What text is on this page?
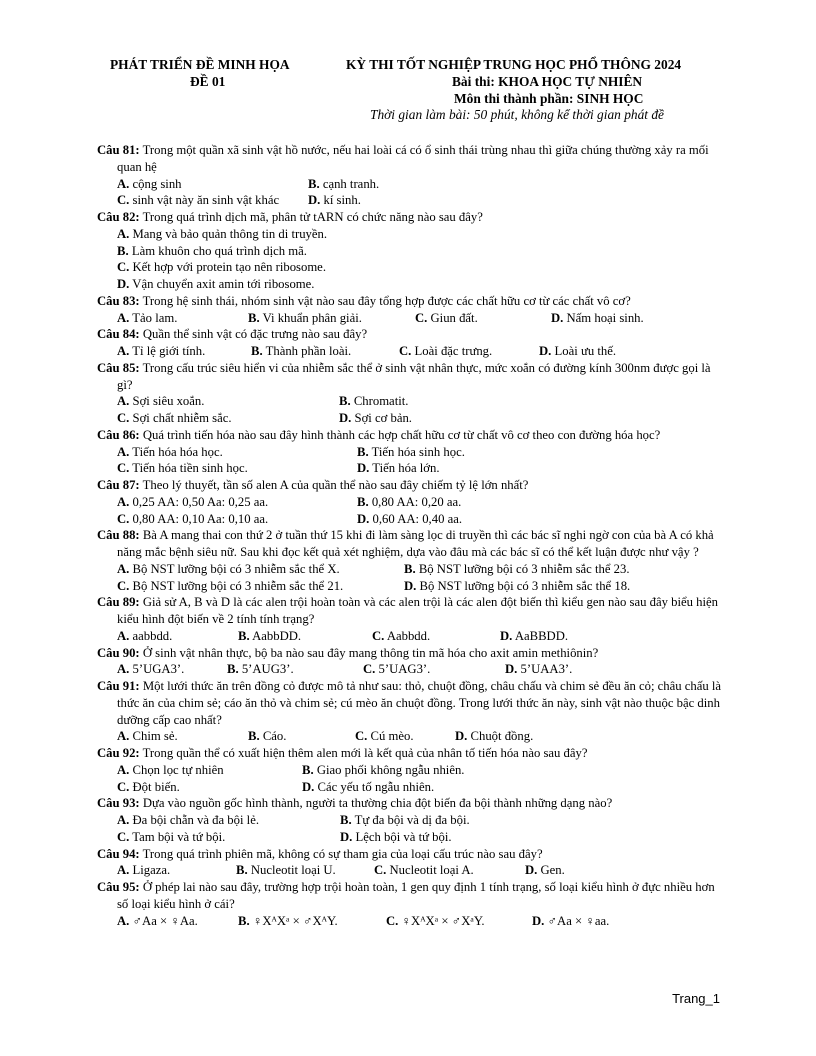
PHÁT TRIỂN ĐỀ MINH HỌA
ĐỀ 01
KỲ THI TỐT NGHIỆP TRUNG HỌC PHỔ THÔNG 2024
Bài thi: KHOA HỌC TỰ NHIÊN
Môn thi thành phần: SINH HỌC
Thời gian làm bài: 50 phút, không kể thời gian phát đề

Câu 81: Trong một quần xã sinh vật hồ nước, nếu hai loài cá có ổ sinh thái trùng nhau thì giữa chúng thường xảy ra mối quan hệ

A. cộng sinh	B. cạnh tranh.
C. sinh vật này ăn sinh vật khác	D. kí sinh.

Câu 82: Trong quá trình dịch mã, phân tử tARN có chức năng nào sau đây?

A. Mang và bảo quản thông tin di truyền.
B. Làm khuôn cho quá trình dịch mã.
C. Kết hợp với protein tạo nên ribosome.
D. Vận chuyển axit amin tới ribosome.

Câu 83: Trong hệ sinh thái, nhóm sinh vật nào sau đây tổng hợp được các chất hữu cơ từ các chất vô cơ?

A. Tảo lam.	B. Vi khuẩn phân giải.	C. Giun đất.	D. Nấm hoại sinh.

Câu 84: Quần thể sinh vật có đặc trưng nào sau đây?

A. Tỉ lệ giới tính.	B. Thành phần loài.	C. Loài đặc trưng.	D. Loài ưu thế.

Câu 85: Trong cấu trúc siêu hiển vi của nhiễm sắc thể ở sinh vật nhân thực, mức xoắn có đường kính 300nm được gọi là gì?

A. Sợi siêu xoắn.	B. Chromatit.
C. Sợi chất nhiễm sắc.	D. Sợi cơ bản.

Câu 86: Quá trình tiến hóa nào sau đây hình thành các hợp chất hữu cơ từ chất vô cơ theo con đường hóa học?

A. Tiến hóa hóa học.	B. Tiến hóa sinh học.
C. Tiến hóa tiền sinh học.	D. Tiến hóa lớn.

Câu 87: Theo lý thuyết, tần số alen A của quần thể nào sau đây chiếm tỷ lệ lớn nhất?

A. 0,25 AA: 0,50 Aa: 0,25 aa.	B. 0,80 AA: 0,20 aa.
C. 0,80 AA: 0,10 Aa: 0,10 aa.	D. 0,60 AA: 0,40 aa.

Câu 88: Bà A mang thai con thứ 2 ở tuần thứ 15 khi đi làm sàng lọc di truyền thì các bác sĩ nghi ngờ con của bà A có khả năng mắc bệnh siêu nữ. Sau khi đọc kết quả xét nghiệm, dựa vào đâu mà các bác sĩ có thể kết luận được như vậy ?

A. Bộ NST lưỡng bội có 3 nhiễm sắc thể X.	B. Bộ NST lưỡng bội có 3 nhiễm sắc thể 23.
C. Bộ NST lưỡng bội có 3 nhiễm sắc thể 21.	D. Bộ NST lưỡng bội có 3 nhiễm sắc thể 18.

Câu 89: Giả sử A, B và D là các alen trội hoàn toàn và các alen trội là các alen đột biến thì kiểu gen nào sau đây biểu hiện kiểu hình đột biến về 2 tính tính trạng?

A. aabbdd.	B. AabbDD.	C. Aabbdd.	D. AaBBDD.

Câu 90: Ở sinh vật nhân thực, bộ ba nào sau đây mang thông tin mã hóa cho axit amin methiônin?

A. 5’UGA3’.	B. 5’AUG3’.	C. 5’UAG3’.	D. 5’UAA3’.

Câu 91: Một lưới thức ăn trên đồng cỏ được mô tả như sau: thỏ, chuột đồng, châu chấu và chim sẻ đều ăn cỏ; châu chấu là thức ăn của chim sẻ; cáo ăn thỏ và chim sẻ; cú mèo ăn chuột đồng. Trong lưới thức ăn này, sinh vật nào thuộc bậc dinh dưỡng cấp cao nhất?

A. Chim sẻ.	B. Cáo.	C. Cú mèo.	D. Chuột đồng.

Câu 92: Trong quần thể có xuất hiện thêm alen mới là kết quả của nhân tố tiến hóa nào sau đây?

A. Chọn lọc tự nhiên	B. Giao phối không ngẫu nhiên.
C. Đột biến.	D. Các yếu tố ngẫu nhiên.

Câu 93: Dựa vào nguồn gốc hình thành, người ta thường chia đột biến đa bội thành những dạng nào?

A. Đa bội chẵn và đa bội lẻ.	B. Tự đa bội và dị đa bội.
C. Tam bội và tứ bội.	D. Lệch bội và tứ bội.

Câu 94: Trong quá trình phiên mã, không có sự tham gia của loại cấu trúc nào sau đây?

A. Ligaza.	B. Nucleotit loại U.	C. Nucleotit loại A.	D. Gen.

Câu 95: Ở phép lai nào sau đây, trường hợp trội hoàn toàn, 1 gen quy định 1 tính trạng, số loại kiểu hình ở đực nhiều hơn số loại kiểu hình ở cái?

A. ♂Aa × ♀Aa.	B. ♀XᴬXᵃ × ♂XᴬY.	C. ♀XᴬXᵃ × ♂XᵃY.	D. ♂Aa × ♀aa.
Trang_1
